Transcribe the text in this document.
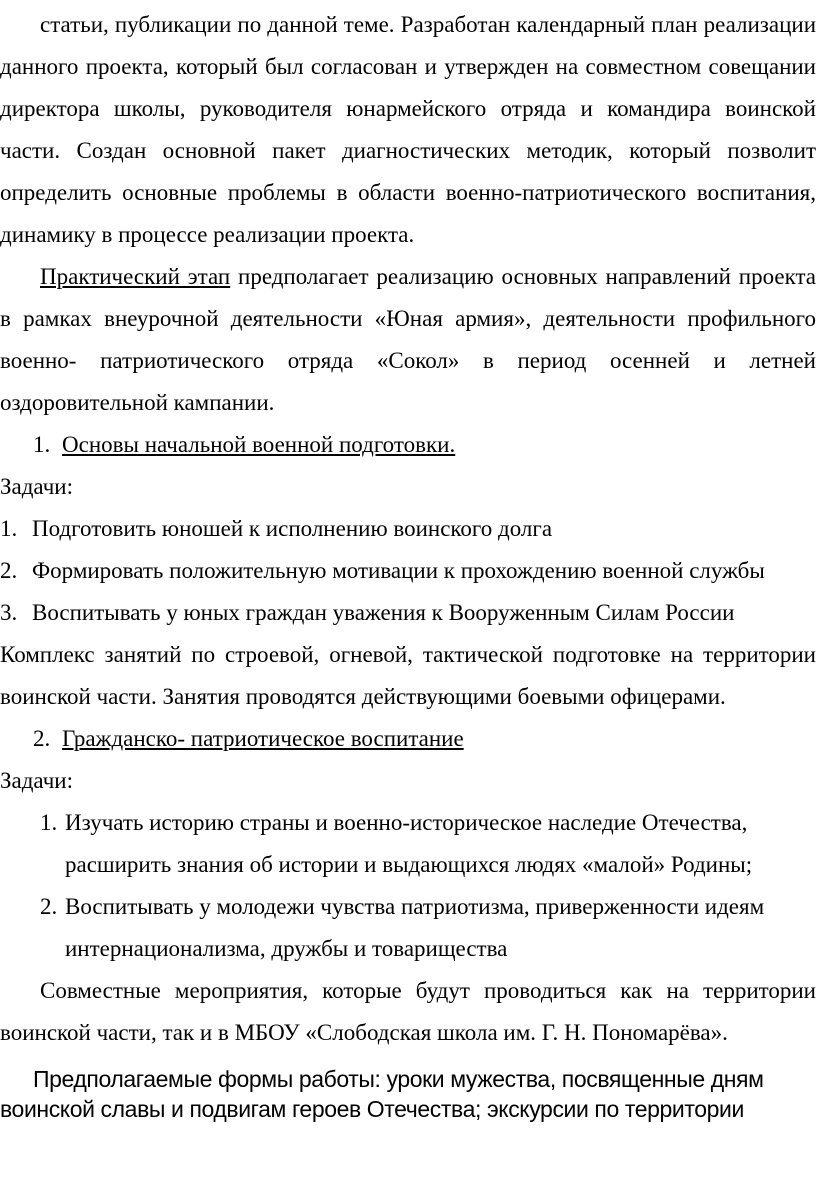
статьи, публикации по данной теме. Разработан календарный план реализации данного проекта, который был согласован и утвержден на совместном совещании директора школы, руководителя юнармейского отряда и командира воинской части. Создан основной пакет диагностических методик, который позволит определить основные проблемы в области военно-патриотического воспитания, динамику в процессе реализации проекта.

Практический этап предполагает реализацию основных направлений проекта в рамках внеурочной деятельности «Юная армия», деятельности профильного военно- патриотического отряда «Сокол» в период осенней и летней оздоровительной кампании.

1. Основы начальной военной подготовки.

Задачи:

1. Подготовить юношей к исполнению воинского долга

2. Формировать положительную мотивации к прохождению военной службы

3. Воспитывать у юных граждан уважения к Вооруженным Силам России

Комплекс занятий по строевой, огневой, тактической подготовке на территории воинской части. Занятия проводятся действующими боевыми офицерами.

2. Гражданско- патриотическое воспитание

Задачи:

1. Изучать историю страны и военно-историческое наследие Отечества, расширить знания об истории и выдающихся людях «малой» Родины;

2. Воспитывать у молодежи чувства патриотизма, приверженности идеям интернационализма, дружбы и товарищества

Совместные мероприятия, которые будут проводиться как на территории воинской части, так и в МБОУ «Слободская школа им. Г. Н. Пономарёва».

Предполагаемые формы работы: уроки мужества, посвященные дням воинской славы и подвигам героев Отечества; экскурсии по территории
